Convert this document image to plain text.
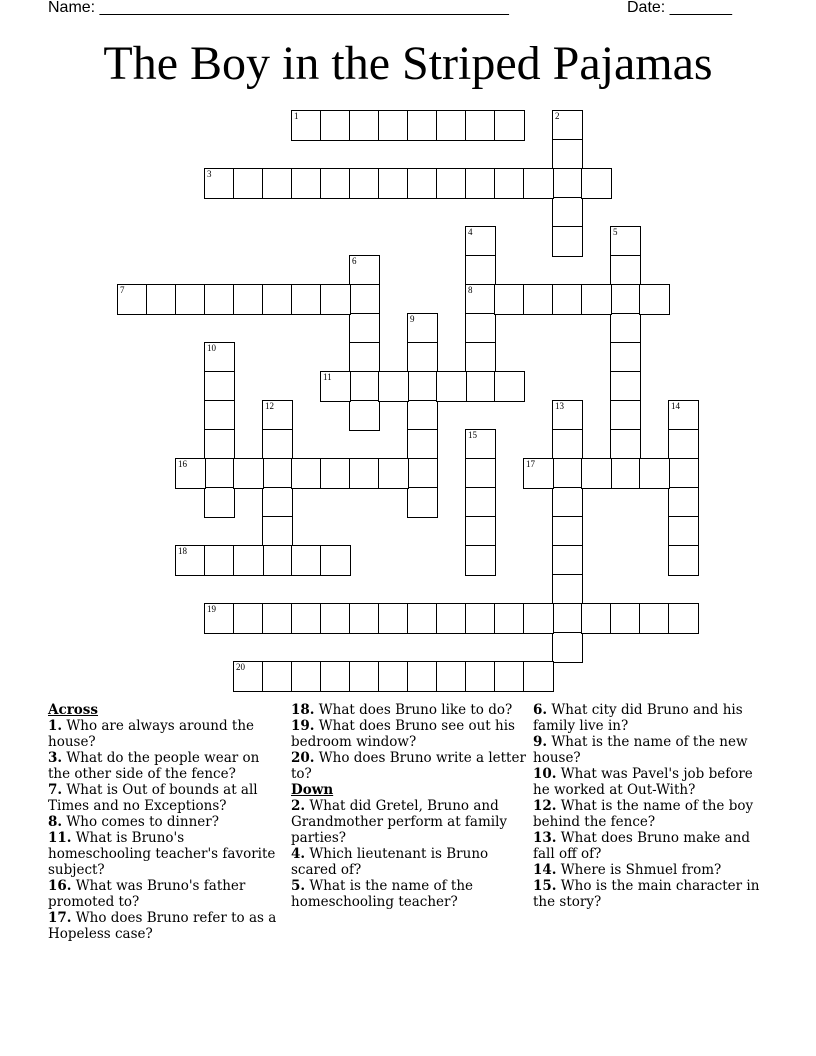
Name: ______________________________________________	Date: _______
The Boy in the Striped Pajamas
1	2
3
4
8
5
6
7
9
10
11
12	13	14
15
16	17
18
19
20
Across
1. Who are always around the house?
3. What do the people wear on the other side of the fence?
7. What is Out of bounds at all Times and no Exceptions?
8. Who comes to dinner?
11. What is Bruno's homeschooling teacher's favorite subject?
16. What was Bruno's father promoted to?
17. Who does Bruno refer to as a Hopeless case?
18. What does Bruno like to do?
19. What does Bruno see out his bedroom window?
20. Who does Bruno write a letter to?
Down
2. What did Gretel, Bruno and Grandmother perform at family parties?
4. Which lieutenant is Bruno scared of?
5. What is the name of the homeschooling teacher?
6. What city did Bruno and his family live in?
9. What is the name of the new house?
10. What was Pavel's job before he worked at Out-With?
12. What is the name of the boy behind the fence?
13. What does Bruno make and fall off of?
14. Where is Shmuel from?
15. Who is the main character in the story?
